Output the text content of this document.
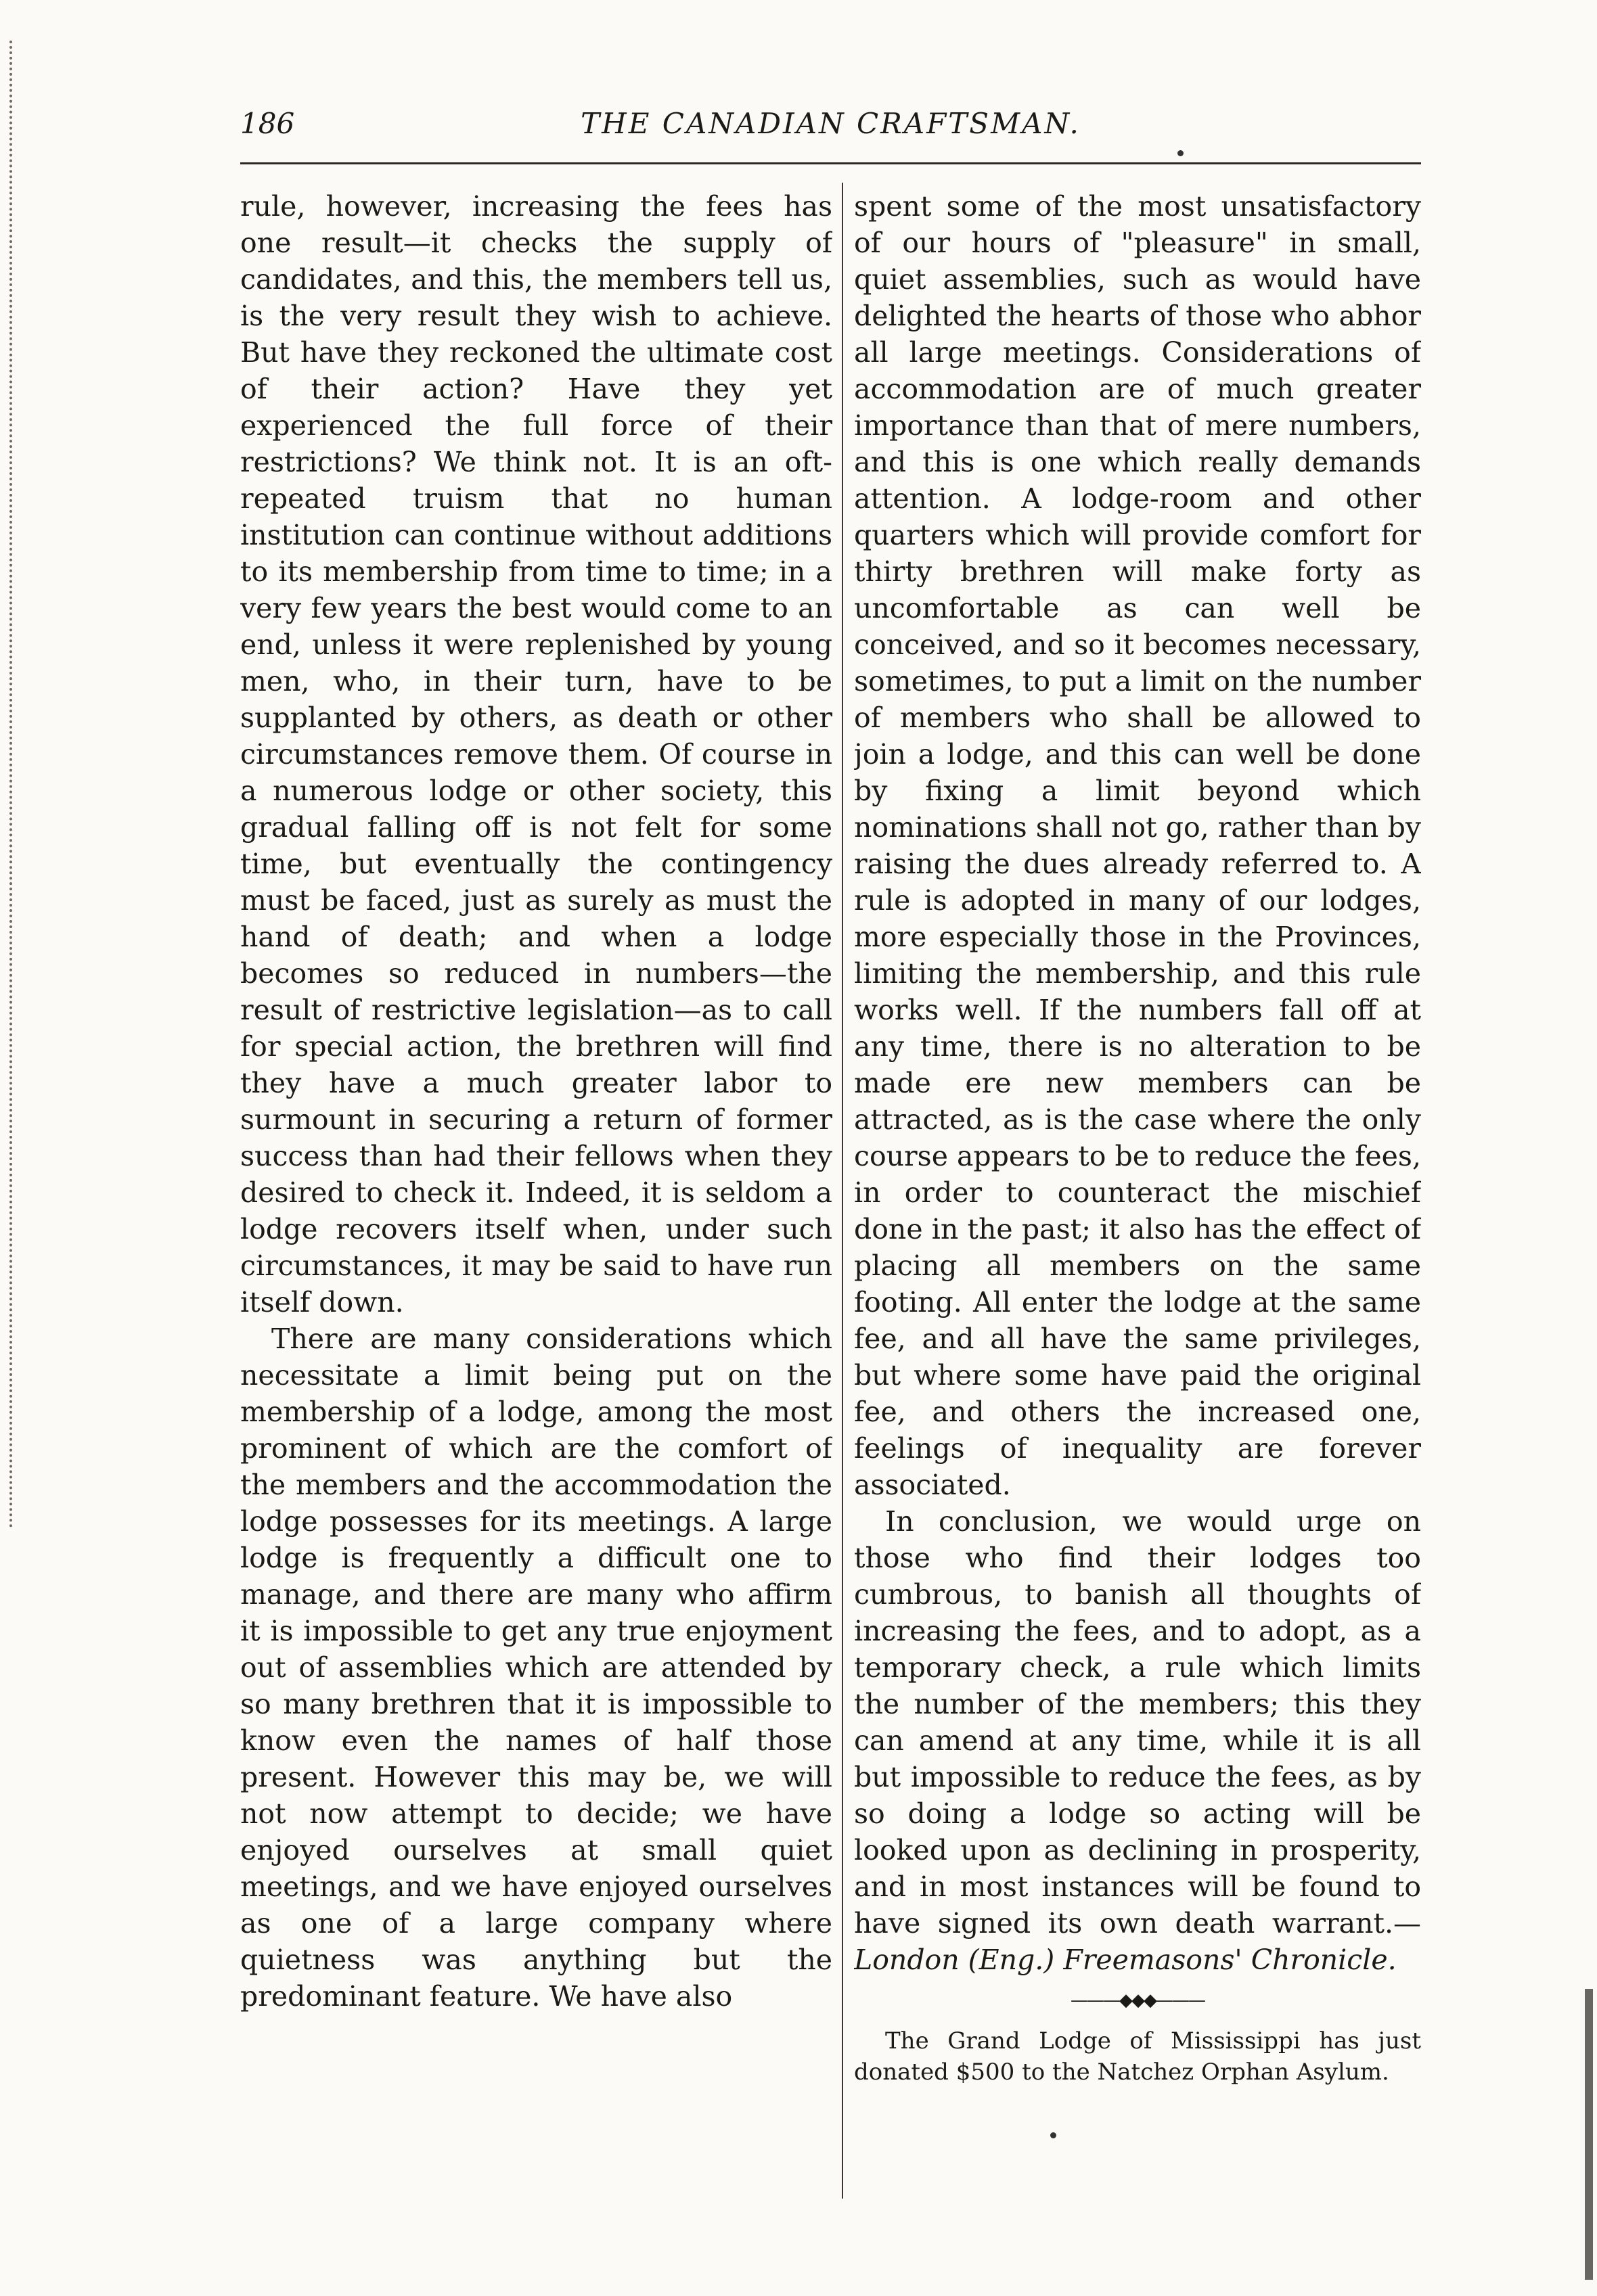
186	THE CANADIAN CRAFTSMAN.

rule, however, increasing the fees has one result—it checks the supply of candidates, and this, the members tell us, is the very result they wish to achieve. But have they reckoned the ultimate cost of their action? Have they yet experienced the full force of their restrictions? We think not. It is an oft-repeated truism that no human institution can continue without additions to its membership from time to time; in a very few years the best would come to an end, unless it were replenished by young men, who, in their turn, have to be supplanted by others, as death or other circumstances remove them. Of course in a numerous lodge or other society, this gradual falling off is not felt for some time, but eventually the contingency must be faced, just as surely as must the hand of death; and when a lodge becomes so reduced in numbers—the result of restrictive legislation—as to call for special action, the brethren will find they have a much greater labor to surmount in securing a return of former success than had their fellows when they desired to check it. Indeed, it is seldom a lodge recovers itself when, under such circumstances, it may be said to have run itself down.

There are many considerations which necessitate a limit being put on the membership of a lodge, among the most prominent of which are the comfort of the members and the accommodation the lodge possesses for its meetings. A large lodge is frequently a difficult one to manage, and there are many who affirm it is impossible to get any true enjoyment out of assemblies which are attended by so many brethren that it is impossible to know even the names of half those present. However this may be, we will not now attempt to decide; we have enjoyed ourselves at small quiet meetings, and we have enjoyed ourselves as one of a large company where quietness was anything but the predominant feature. We have also

spent some of the most unsatisfactory of our hours of "pleasure" in small, quiet assemblies, such as would have delighted the hearts of those who abhor all large meetings. Considerations of accommodation are of much greater importance than that of mere numbers, and this is one which really demands attention. A lodge-room and other quarters which will provide comfort for thirty brethren will make forty as uncomfortable as can well be conceived, and so it becomes necessary, sometimes, to put a limit on the number of members who shall be allowed to join a lodge, and this can well be done by fixing a limit beyond which nominations shall not go, rather than by raising the dues already referred to. A rule is adopted in many of our lodges, more especially those in the Provinces, limiting the membership, and this rule works well. If the numbers fall off at any time, there is no alteration to be made ere new members can be attracted, as is the case where the only course appears to be to reduce the fees, in order to counteract the mischief done in the past; it also has the effect of placing all members on the same footing. All enter the lodge at the same fee, and all have the same privileges, but where some have paid the original fee, and others the increased one, feelings of inequality are forever associated.

In conclusion, we would urge on those who find their lodges too cumbrous, to banish all thoughts of increasing the fees, and to adopt, as a temporary check, a rule which limits the number of the members; this they can amend at any time, while it is all but impossible to reduce the fees, as by so doing a lodge so acting will be looked upon as declining in prosperity, and in most instances will be found to have signed its own death warrant.—London (Eng.) Freemasons' Chronicle.

———◆◆◆———

The Grand Lodge of Mississippi has just donated $500 to the Natchez Orphan Asylum.
